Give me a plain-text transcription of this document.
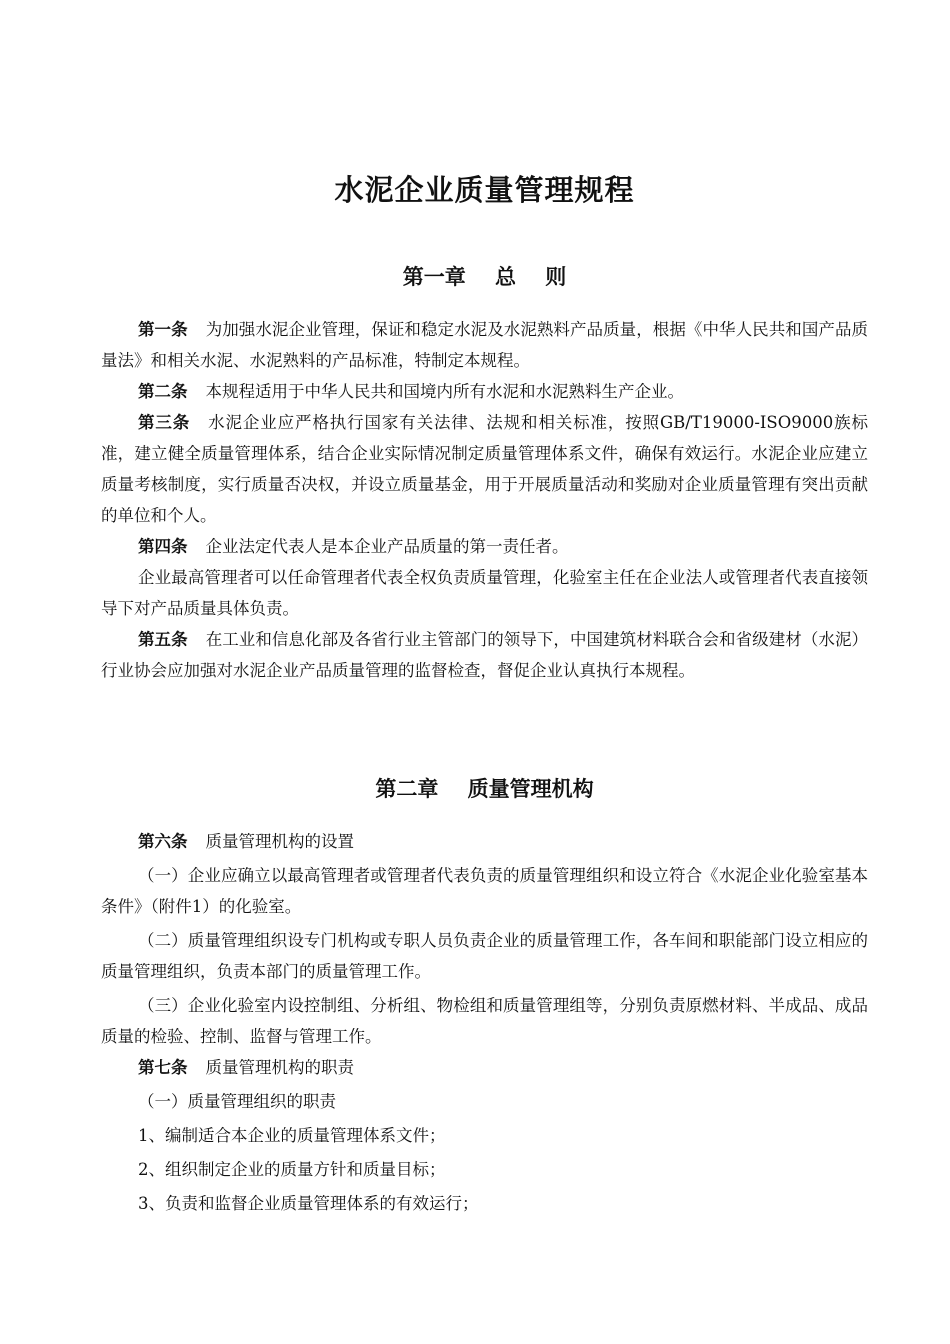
水泥企业质量管理规程
第一章    总    则

第一条 为加强水泥企业管理，保证和稳定水泥及水泥熟料产品质量，根据《中华人民共和国产品质量法》和相关水泥、水泥熟料的产品标准，特制定本规程。

第二条 本规程适用于中华人民共和国境内所有水泥和水泥熟料生产企业。

第三条 水泥企业应严格执行国家有关法律、法规和相关标准，按照GB/T19000-ISO9000族标准，建立健全质量管理体系，结合企业实际情况制定质量管理体系文件，确保有效运行。水泥企业应建立质量考核制度，实行质量否决权，并设立质量基金，用于开展质量活动和奖励对企业质量管理有突出贡献的单位和个人。

第四条 企业法定代表人是本企业产品质量的第一责任者。

企业最高管理者可以任命管理者代表全权负责质量管理，化验室主任在企业法人或管理者代表直接领导下对产品质量具体负责。

第五条 在工业和信息化部及各省行业主管部门的领导下，中国建筑材料联合会和省级建材（水泥）行业协会应加强对水泥企业产品质量管理的监督检查，督促企业认真执行本规程。

第二章    质量管理机构

第六条 质量管理机构的设置

（一）企业应确立以最高管理者或管理者代表负责的质量管理组织和设立符合《水泥企业化验室基本条件》（附件1）的化验室。

（二）质量管理组织设专门机构或专职人员负责企业的质量管理工作，各车间和职能部门设立相应的质量管理组织，负责本部门的质量管理工作。

（三）企业化验室内设控制组、分析组、物检组和质量管理组等，分别负责原燃材料、半成品、成品质量的检验、控制、监督与管理工作。

第七条 质量管理机构的职责

（一）质量管理组织的职责

1、编制适合本企业的质量管理体系文件；

2、组织制定企业的质量方针和质量目标；

3、负责和监督企业质量管理体系的有效运行；
